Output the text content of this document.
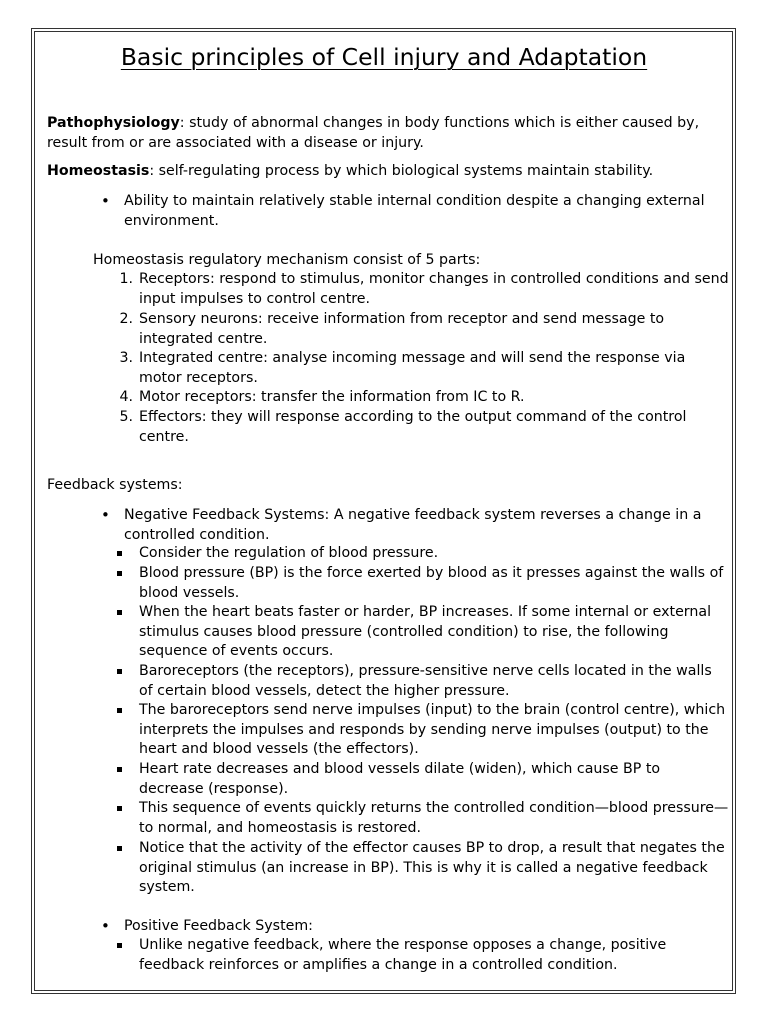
Basic principles of Cell injury and Adaptation
Pathophysiology: study of abnormal changes in body functions which is either caused by, result from or are associated with a disease or injury.
Homeostasis: self-regulating process by which biological systems maintain stability.
• Ability to maintain relatively stable internal condition despite a changing external environment.
Homeostasis regulatory mechanism consist of 5 parts:
1. Receptors: respond to stimulus, monitor changes in controlled conditions and send input impulses to control centre.
2. Sensory neurons: receive information from receptor and send message to integrated centre.
3. Integrated centre: analyse incoming message and will send the response via motor receptors.
4. Motor receptors: transfer the information from IC to R.
5. Effectors: they will response according to the output command of the control centre.
Feedback systems:
• Negative Feedback Systems: A negative feedback system reverses a change in a controlled condition.
Consider the regulation of blood pressure.
Blood pressure (BP) is the force exerted by blood as it presses against the walls of blood vessels.
When the heart beats faster or harder, BP increases. If some internal or external stimulus causes blood pressure (controlled condition) to rise, the following sequence of events occurs.
Baroreceptors (the receptors), pressure-sensitive nerve cells located in the walls of certain blood vessels, detect the higher pressure.
The baroreceptors send nerve impulses (input) to the brain (control centre), which interprets the impulses and responds by sending nerve impulses (output) to the heart and blood vessels (the effectors).
Heart rate decreases and blood vessels dilate (widen), which cause BP to decrease (response).
This sequence of events quickly returns the controlled condition—blood pressure—to normal, and homeostasis is restored.
Notice that the activity of the effector causes BP to drop, a result that negates the original stimulus (an increase in BP). This is why it is called a negative feedback system.
• Positive Feedback System:
Unlike negative feedback, where the response opposes a change, positive feedback reinforces or amplifies a change in a controlled condition.
